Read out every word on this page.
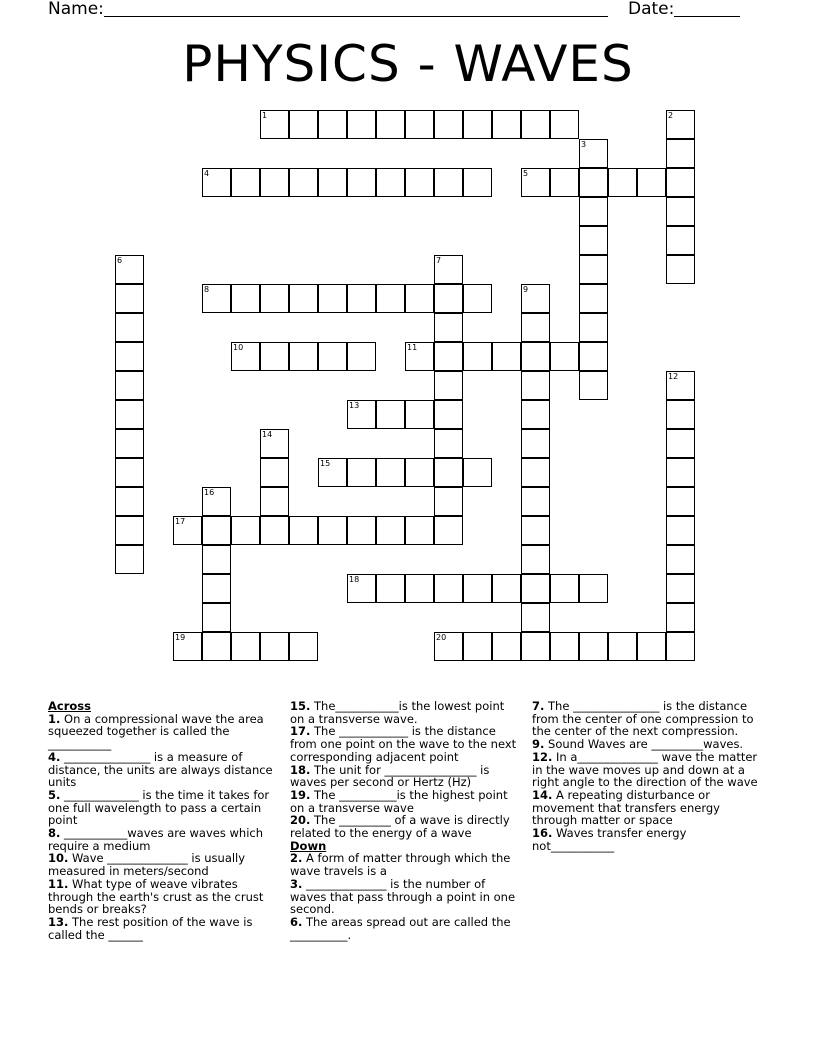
Name:	Date:
PHYSICS - WAVES
1	2
3
4	5
6	7
8	9
10	11
12
13
14
15
16
17
18
19	20
Across
1. On a compressional wave the area squeezed together is called the ___________
4. _______________ is a measure of distance, the units are always distance units
5. _____________ is the time it takes for one full wavelength to pass a certain point
8. ___________waves are waves which require a medium
10. Wave ______________ is usually measured in meters/second
11. What type of weave vibrates through the earth's crust as the crust bends or breaks?
13. The rest position of the wave is called the ______
15. The___________is the lowest point on a transverse wave.
17. The ____________ is the distance from one point on the wave to the next corresponding adjacent point
18. The unit for ________________ is waves per second or Hertz (Hz)
19. The __________is the highest point on a transverse wave
20. The _________ of a wave is directly related to the energy of a wave
Down
2. A form of matter through which the wave travels is a
3. ______________ is the number of waves that pass through a point in one second.
6. The areas spread out are called the __________.
7. The _______________ is the distance from the center of one compression to the center of the next compression.
9. Sound Waves are _________waves.
12. In a______________ wave the matter in the wave moves up and down at a right angle to the direction of the wave
14. A repeating disturbance or movement that transfers energy through matter or space
16. Waves transfer energy not___________
